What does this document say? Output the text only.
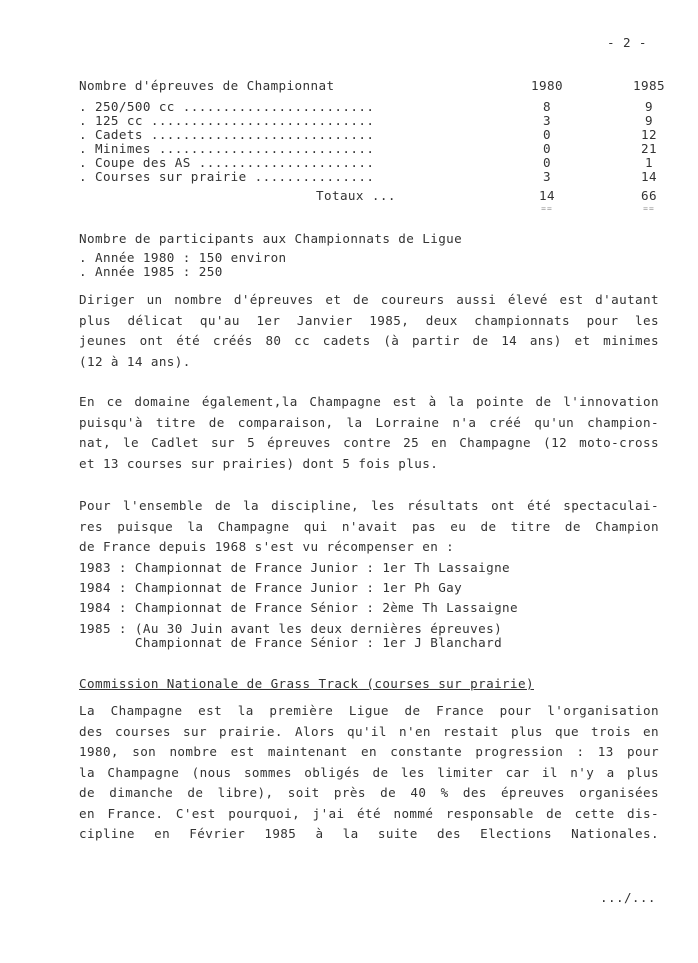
- 2 -
Nombre d'épreuves de Championnat	1980	1985
. 250/500 cc ........................	8	9
. 125 cc ............................	3	9
. Cadets ............................	0	12
. Minimes ...........................	0	21
. Coupe des AS ......................	0	1
. Courses sur prairie ...............	3	14
Totaux ...	14	66
==	==
Nombre de participants aux Championnats de Ligue
. Année 1980 : 150 environ
. Année 1985 : 250
Diriger un nombre d'épreuves et de coureurs aussi élevé est d'autant
plus délicat qu'au 1er Janvier 1985, deux championnats pour les
jeunes ont été créés 80 cc cadets (à partir de 14 ans) et minimes
(12 à 14 ans).
En ce domaine également,la Champagne est à la pointe de l'innovation
puisqu'à titre de comparaison, la Lorraine n'a créé qu'un champion-
nat, le Cadlet sur 5 épreuves contre 25 en Champagne (12 moto-cross
et 13 courses sur prairies) dont 5 fois plus.
Pour l'ensemble de la discipline, les résultats ont été spectaculai-
res puisque la Champagne qui n'avait pas eu de titre de Champion
de France depuis 1968 s'est vu récompenser en :
1983 : Championnat de France Junior : 1er Th Lassaigne
1984 : Championnat de France Junior : 1er Ph Gay
1984 : Championnat de France Sénior : 2ème Th Lassaigne
1985 : (Au 30 Juin avant les deux dernières épreuves)
Championnat de France Sénior : 1er J Blanchard
Commission Nationale de Grass Track (courses sur prairie)
La Champagne est la première Ligue de France pour l'organisation
des courses sur prairie. Alors qu'il n'en restait plus que trois en
1980, son nombre est maintenant en constante progression : 13 pour
la Champagne (nous sommes obligés de les limiter car il n'y a plus
de dimanche de libre), soit près de 40 % des épreuves organisées
en France. C'est pourquoi, j'ai été nommé responsable de cette dis-
cipline en Février 1985 à la suite des Elections Nationales.
.../...
